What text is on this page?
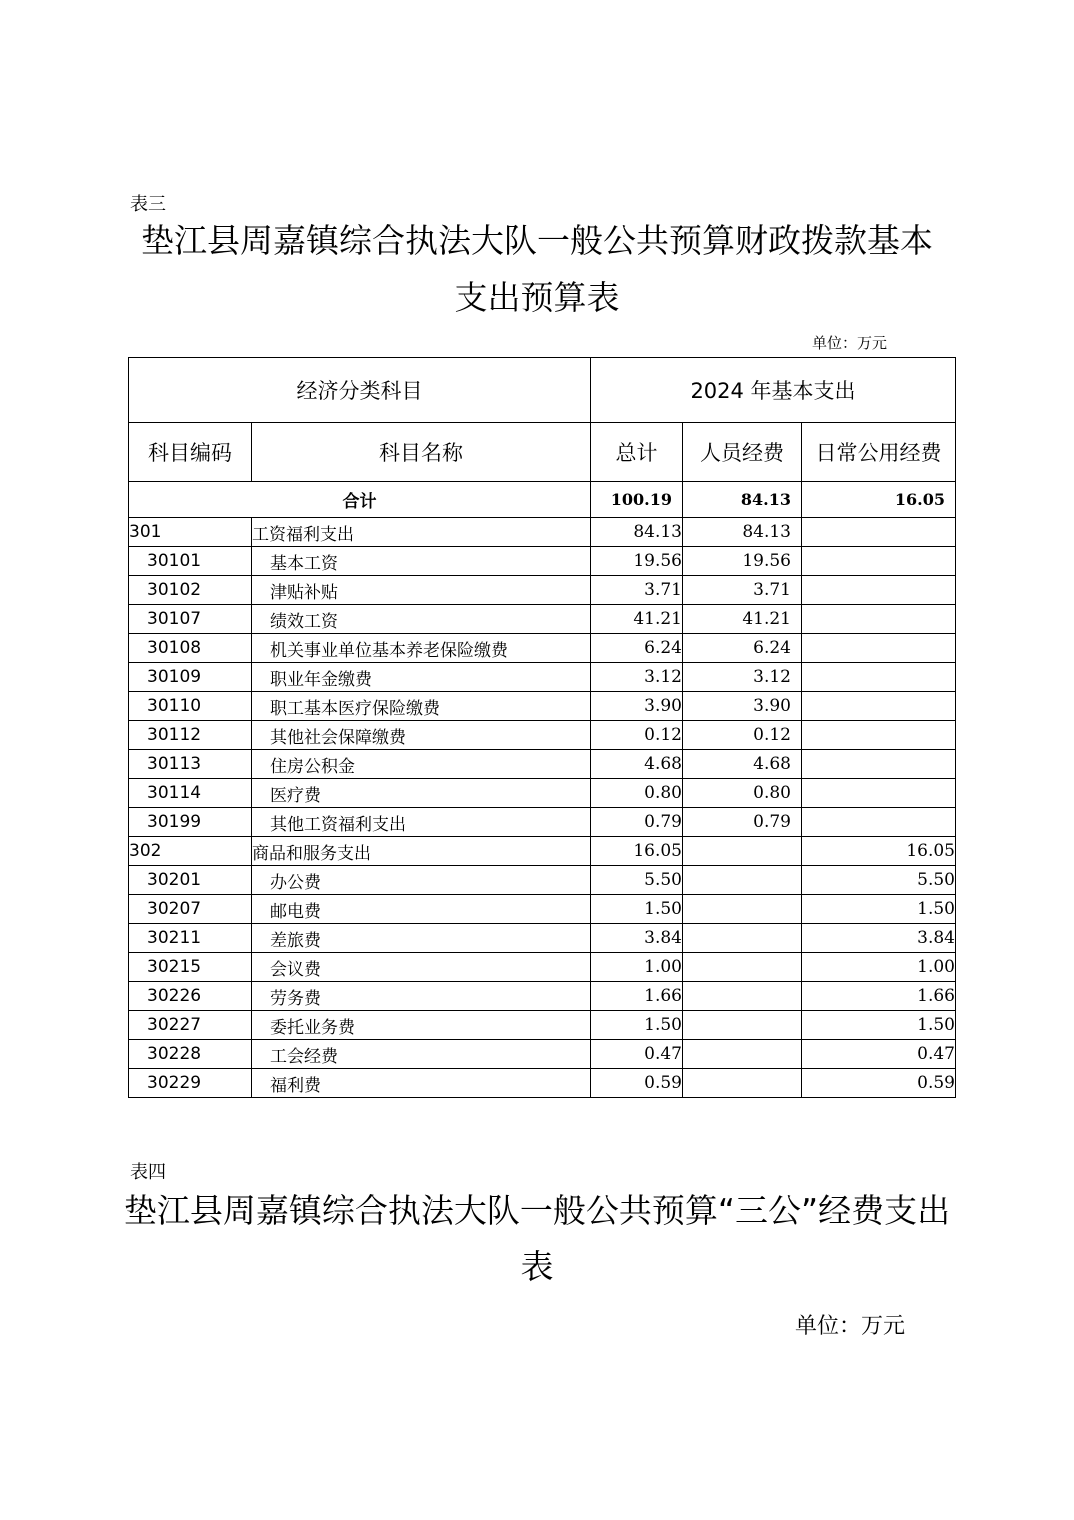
表三
垫江县周嘉镇综合执法大队一般公共预算财政拨款基本
支出预算表
单位：万元
经济分类科目		2024 年基本支出		
科目编码	科目名称	总计	人员经费	日常公用经费
合计		100.19	84.13	16.05
301	工资福利支出	84.13	84.13	
30101	基本工资	19.56	19.56	
30102	津贴补贴	3.71	3.71	
30107	绩效工资	41.21	41.21	
30108	机关事业单位基本养老保险缴费	6.24	6.24	
30109	职业年金缴费	3.12	3.12	
30110	职工基本医疗保险缴费	3.90	3.90	
30112	其他社会保障缴费	0.12	0.12	
30113	住房公积金	4.68	4.68	
30114	医疗费	0.80	0.80	
30199	其他工资福利支出	0.79	0.79	
302	商品和服务支出	16.05		16.05
30201	办公费	5.50		5.50
30207	邮电费	1.50		1.50
30211	差旅费	3.84		3.84
30215	会议费	1.00		1.00
30226	劳务费	1.66		1.66
30227	委托业务费	1.50		1.50
30228	工会经费	0.47		0.47
30229	福利费	0.59		0.59
表四
垫江县周嘉镇综合执法大队一般公共预算“三公”经费支出
表
单位：万元
